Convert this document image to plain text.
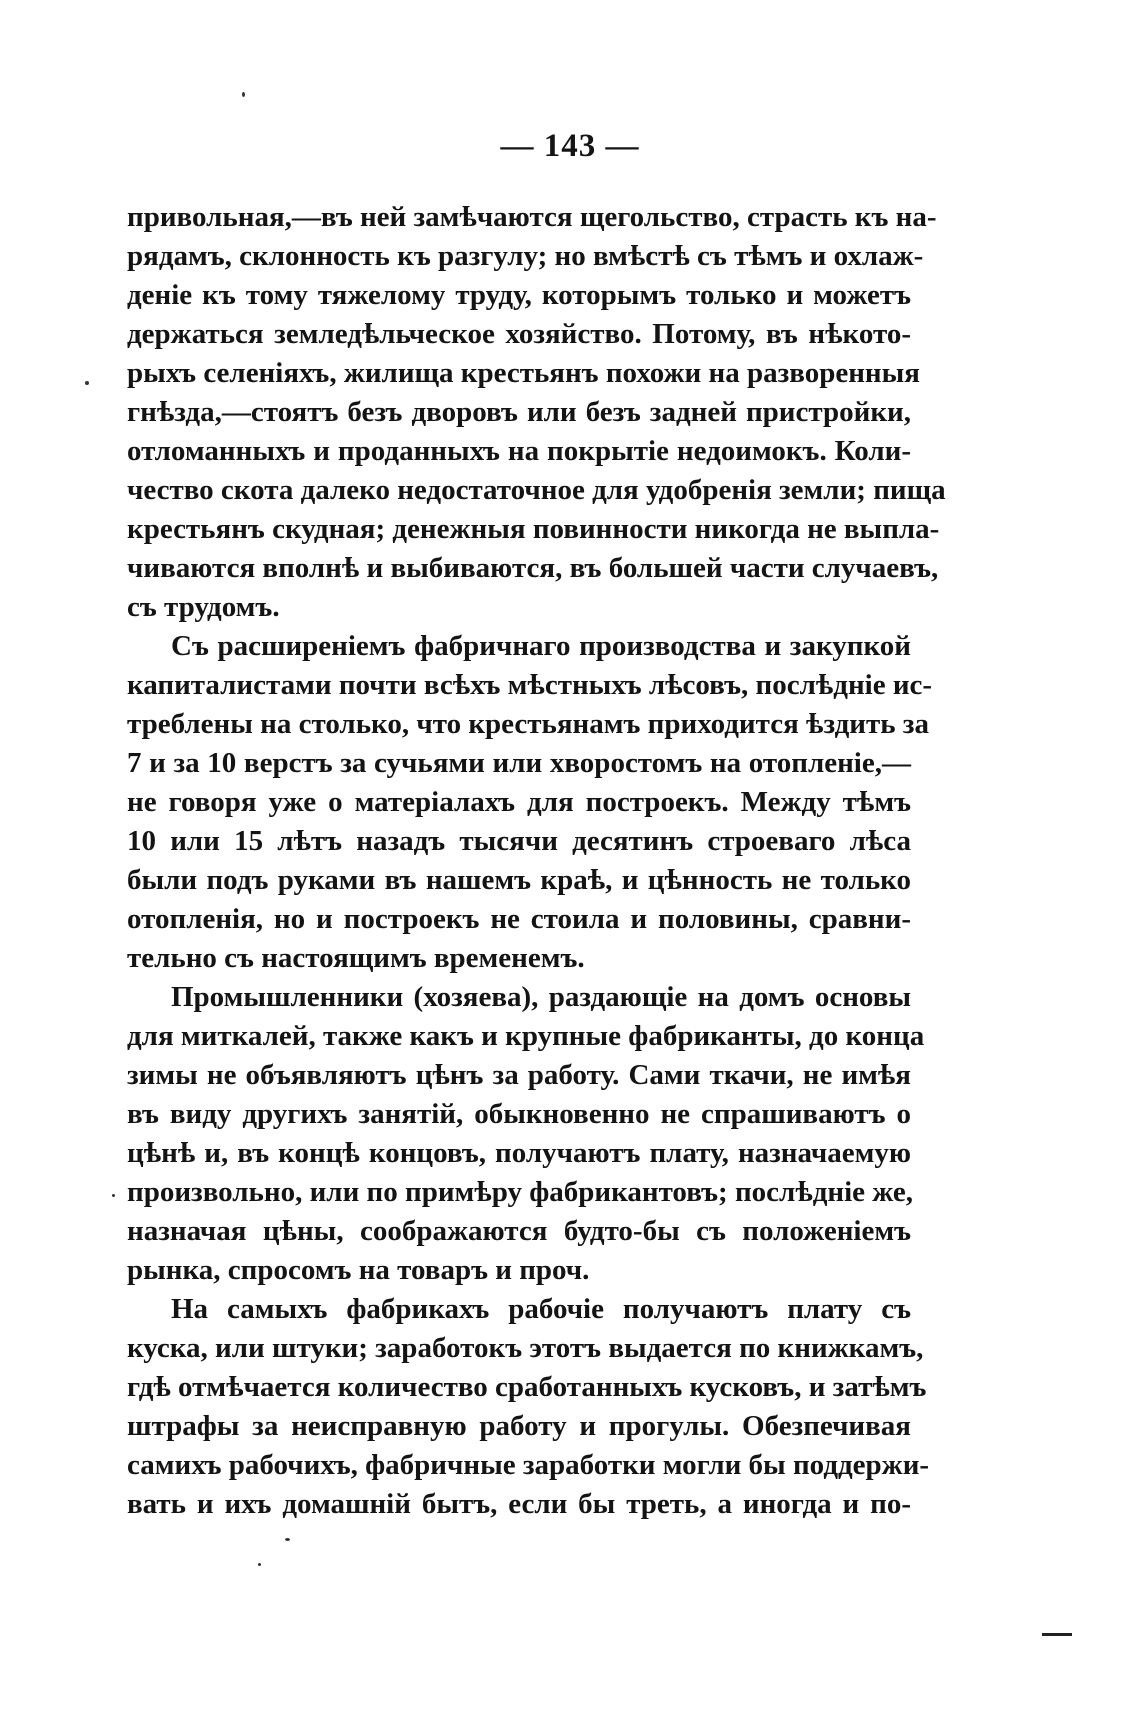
— 143 —
привольная,—въ ней замѣчаются щегольство, страсть къ на-
рядамъ, склонность къ разгулу; но вмѣстѣ съ тѣмъ и охлаж-
деніе къ тому тяжелому труду, которымъ только и можетъ
держаться земледѣльческое хозяйство. Потому, въ нѣкото-
рыхъ селеніяхъ, жилища крестьянъ похожи на разворенныя
гнѣзда,—стоятъ безъ дворовъ или безъ задней пристройки,
отломанныхъ и проданныхъ на покрытіе недоимокъ. Коли-
чество скота далеко недостаточное для удобренія земли; пища
крестьянъ скудная; денежныя повинности никогда не выпла-
чиваются вполнѣ и выбиваются, въ большей части случаевъ,
съ трудомъ.
Съ расширеніемъ фабричнаго производства и закупкой
капиталистами почти всѣхъ мѣстныхъ лѣсовъ, послѣдніе ис-
треблены на столько, что крестьянамъ приходится ѣздить за
7 и за 10 верстъ за сучьями или хворостомъ на отопленіе,—
не говоря уже о матеріалахъ для построекъ. Между тѣмъ
10 или 15 лѣтъ назадъ тысячи десятинъ строеваго лѣса
были подъ руками въ нашемъ краѣ, и цѣнность не только
отопленія, но и построекъ не стоила и половины, сравни-
тельно съ настоящимъ временемъ.
Промышленники (хозяева), раздающіе на домъ основы
для миткалей, также какъ и крупные фабриканты, до конца
зимы не объявляютъ цѣнъ за работу. Сами ткачи, не имѣя
въ виду другихъ занятій, обыкновенно не спрашиваютъ о
цѣнѣ и, въ концѣ концовъ, получаютъ плату, назначаемую
произвольно, или по примѣру фабрикантовъ; послѣдніе же,
назначая цѣны, соображаются будто-бы съ положеніемъ
рынка, спросомъ на товаръ и проч.
На самыхъ фабрикахъ рабочіе получаютъ плату съ
куска, или штуки; заработокъ этотъ выдается по книжкамъ,
гдѣ отмѣчается количество сработанныхъ кусковъ, и затѣмъ
штрафы за неисправную работу и прогулы. Обезпечивая
самихъ рабочихъ, фабричные заработки могли бы поддержи-
вать и ихъ домашній бытъ, если бы треть, а иногда и по-
